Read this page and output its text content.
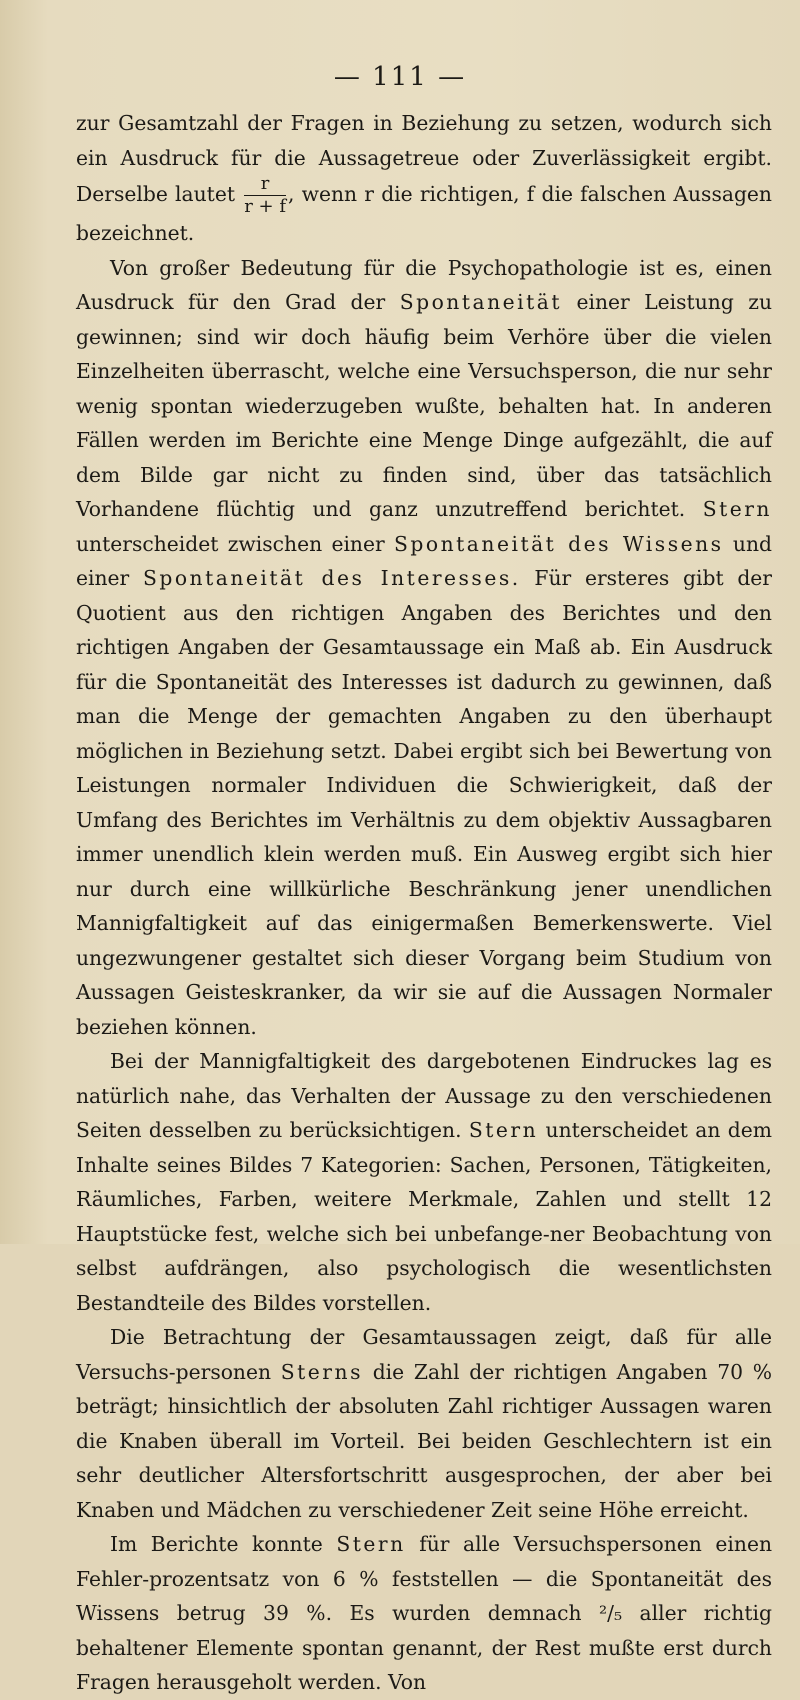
— 111 —

zur Gesamtzahl der Fragen in Beziehung zu setzen, wodurch sich ein Ausdruck für die Aussagetreue oder Zuverlässigkeit ergibt. Derselbe lautet $\frac{r}{r + f}$ , wenn r die richtigen, f die falschen Aussagen bezeichnet.

Von großer Bedeutung für die Psychopathologie ist es, einen Ausdruck für den Grad der Spontaneität einer Leistung zu gewinnen; sind wir doch häufig beim Verhöre über die vielen Einzelheiten überrascht, welche eine Versuchsperson, die nur sehr wenig spontan wiederzugeben wußte, behalten hat. In anderen Fällen werden im Berichte eine Menge Dinge aufgezählt, die auf dem Bilde gar nicht zu finden sind, über das tatsächlich Vorhandene flüchtig und ganz unzutreffend berichtet. Stern unterscheidet zwischen einer Spontaneität des Wissens und einer Spontaneität des Interesses. Für ersteres gibt der Quotient aus den richtigen Angaben des Berichtes und den richtigen Angaben der Gesamtaussage ein Maß ab. Ein Ausdruck für die Spontaneität des Interesses ist dadurch zu gewinnen, daß man die Menge der gemachten Angaben zu den überhaupt möglichen in Beziehung setzt. Dabei ergibt sich bei Bewertung von Leistungen normaler Individuen die Schwierigkeit, daß der Umfang des Berichtes im Verhältnis zu dem objektiv Aussagbaren immer unendlich klein werden muß. Ein Ausweg ergibt sich hier nur durch eine willkürliche Beschränkung jener unendlichen Mannigfaltigkeit auf das einigermaßen Bemerkenswerte. Viel ungezwungener gestaltet sich dieser Vorgang beim Studium von Aussagen Geisteskranker, da wir sie auf die Aussagen Normaler beziehen können.

Bei der Mannigfaltigkeit des dargebotenen Eindruckes lag es natürlich nahe, das Verhalten der Aussage zu den verschiedenen Seiten desselben zu berücksichtigen. Stern unterscheidet an dem Inhalte seines Bildes 7 Kategorien: Sachen, Personen, Tätigkeiten, Räumliches, Farben, weitere Merkmale, Zahlen und stellt 12 Hauptstücke fest, welche sich bei unbefange-ner Beobachtung von selbst aufdrängen, also psychologisch die wesentlichsten Bestandteile des Bildes vorstellen.

Die Betrachtung der Gesamtaussagen zeigt, daß für alle Versuchs-personen Sterns die Zahl der richtigen Angaben 70 % beträgt; hinsichtlich der absoluten Zahl richtiger Aussagen waren die Knaben überall im Vorteil. Bei beiden Geschlechtern ist ein sehr deutlicher Altersfortschritt ausgesprochen, der aber bei Knaben und Mädchen zu verschiedener Zeit seine Höhe erreicht.

Im Berichte konnte Stern für alle Versuchspersonen einen Fehler-prozentsatz von 6 % feststellen — die Spontaneität des Wissens betrug 39 %. Es wurden demnach ²/₅ aller richtig behaltener Elemente spontan genannt, der Rest mußte erst durch Fragen herausgeholt werden. Von
